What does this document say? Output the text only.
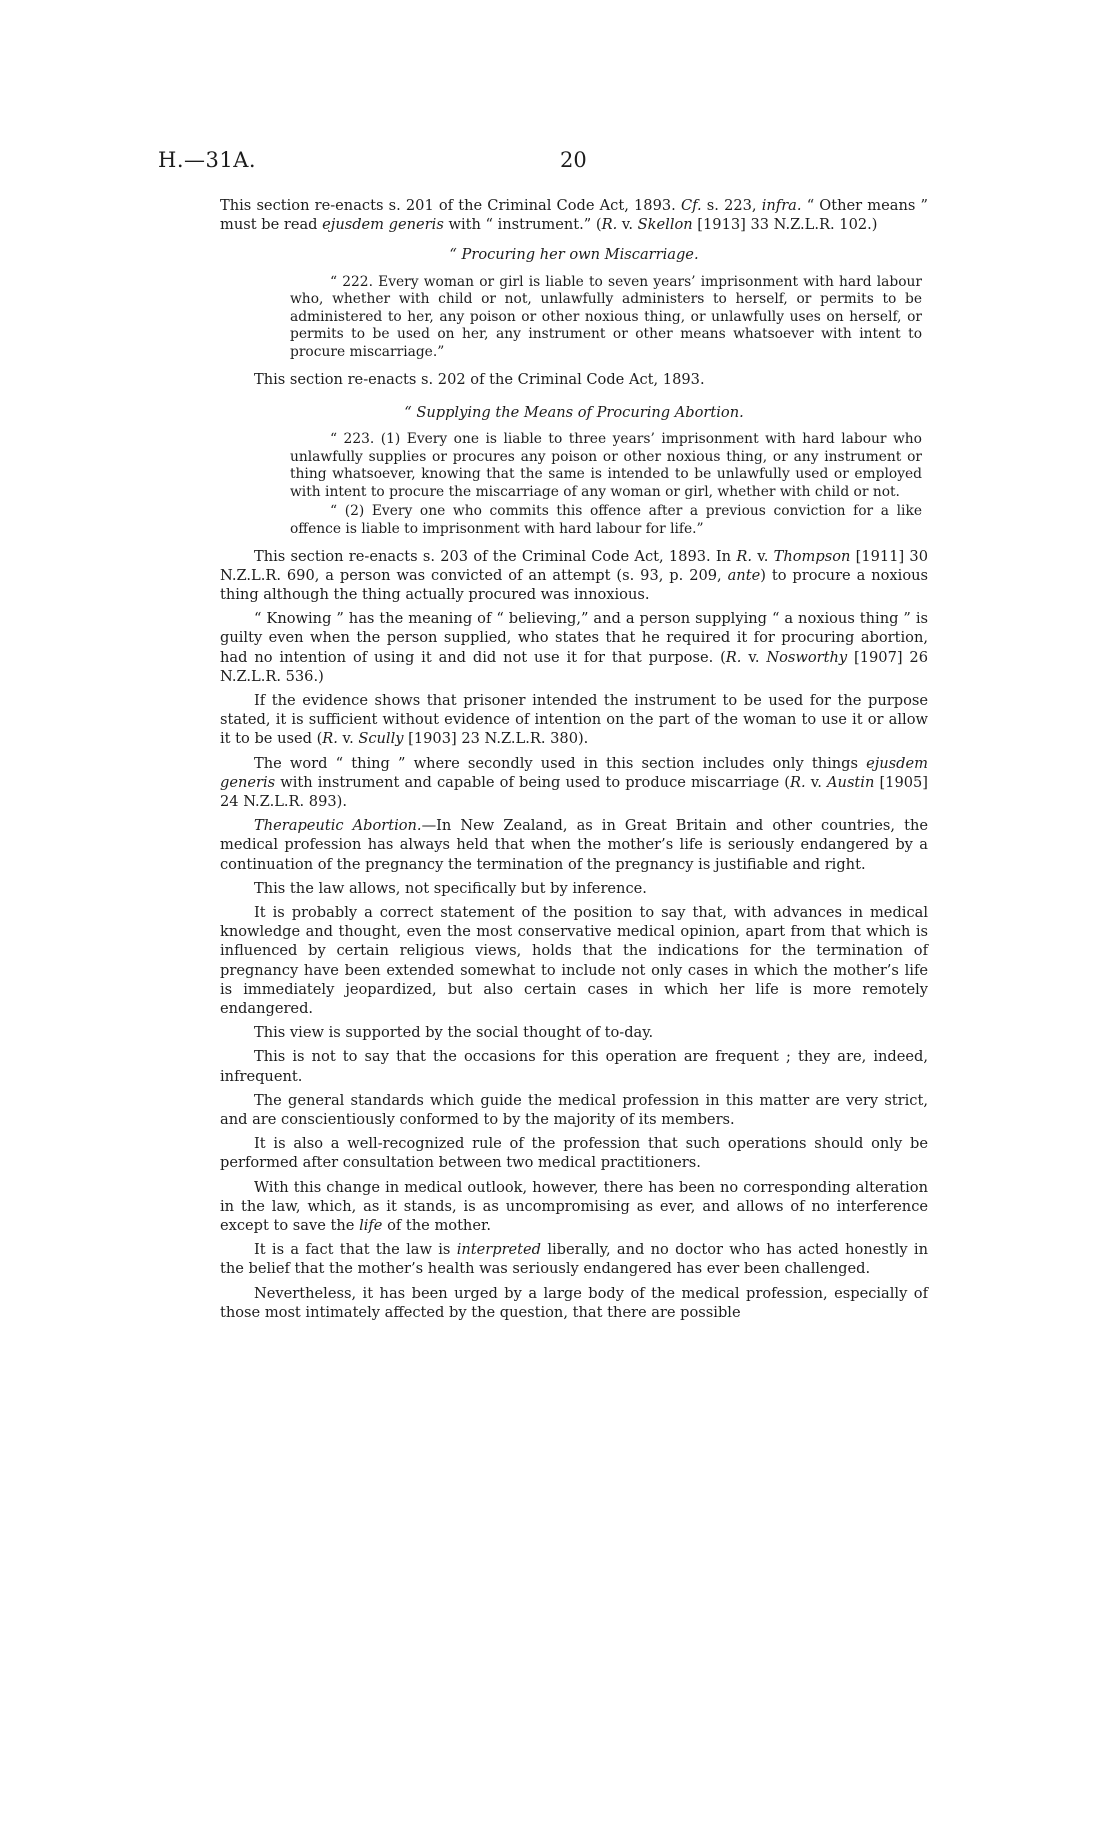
H.—31A.	20

This section re-enacts s. 201 of the Criminal Code Act, 1893. Cf. s. 223, infra. “ Other means ” must be read ejusdem generis with “ instrument.” (R. v. Skellon [1913] 33 N.Z.L.R. 102.)

“ Procuring her own Miscarriage.

“ 222. Every woman or girl is liable to seven years’ imprisonment with hard labour who, whether with child or not, unlawfully administers to herself, or permits to be administered to her, any poison or other noxious thing, or unlawfully uses on herself, or permits to be used on her, any instrument or other means whatsoever with intent to procure miscarriage.”

This section re-enacts s. 202 of the Criminal Code Act, 1893.

“ Supplying the Means of Procuring Abortion.

“ 223. (1) Every one is liable to three years’ imprisonment with hard labour who unlawfully supplies or procures any poison or other noxious thing, or any instrument or thing whatsoever, knowing that the same is intended to be unlawfully used or employed with intent to procure the miscarriage of any woman or girl, whether with child or not.

“ (2) Every one who commits this offence after a previous conviction for a like offence is liable to imprisonment with hard labour for life.”

This section re-enacts s. 203 of the Criminal Code Act, 1893. In R. v. Thompson [1911] 30 N.Z.L.R. 690, a person was convicted of an attempt (s. 93, p. 209, ante) to procure a noxious thing although the thing actually procured was innoxious.

“ Knowing ” has the meaning of “ believing,” and a person supplying “ a noxious thing ” is guilty even when the person supplied, who states that he required it for procuring abortion, had no intention of using it and did not use it for that purpose. (R. v. Nosworthy [1907] 26 N.Z.L.R. 536.)

If the evidence shows that prisoner intended the instrument to be used for the purpose stated, it is sufficient without evidence of intention on the part of the woman to use it or allow it to be used (R. v. Scully [1903] 23 N.Z.L.R. 380).

The word “ thing ” where secondly used in this section includes only things ejusdem generis with instrument and capable of being used to produce miscarriage (R. v. Austin [1905] 24 N.Z.L.R. 893).

Therapeutic Abortion.—In New Zealand, as in Great Britain and other countries, the medical profession has always held that when the mother’s life is seriously endangered by a continuation of the pregnancy the termination of the pregnancy is justifiable and right.

This the law allows, not specifically but by inference.

It is probably a correct statement of the position to say that, with advances in medical knowledge and thought, even the most conservative medical opinion, apart from that which is influenced by certain religious views, holds that the indications for the termination of pregnancy have been extended somewhat to include not only cases in which the mother’s life is immediately jeopardized, but also certain cases in which her life is more remotely endangered.

This view is supported by the social thought of to-day.

This is not to say that the occasions for this operation are frequent ; they are, indeed, infrequent.

The general standards which guide the medical profession in this matter are very strict, and are conscientiously conformed to by the majority of its members.

It is also a well-recognized rule of the profession that such operations should only be performed after consultation between two medical practitioners.

With this change in medical outlook, however, there has been no corresponding alteration in the law, which, as it stands, is as uncompromising as ever, and allows of no interference except to save the life of the mother.

It is a fact that the law is interpreted liberally, and no doctor who has acted honestly in the belief that the mother’s health was seriously endangered has ever been challenged.

Nevertheless, it has been urged by a large body of the medical profession, especially of those most intimately affected by the question, that there are possible
